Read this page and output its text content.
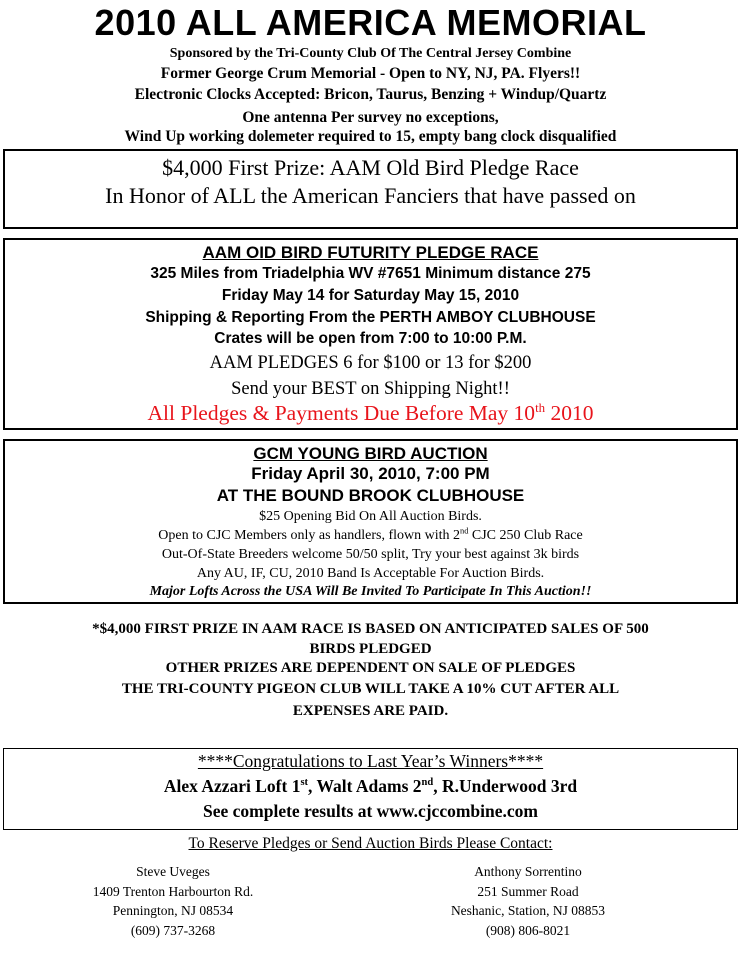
2010 ALL AMERICA MEMORIAL
Sponsored by the Tri-County Club Of The Central Jersey Combine
Former George Crum Memorial - Open to NY, NJ, PA. Flyers!!
Electronic Clocks Accepted: Bricon, Taurus, Benzing + Windup/Quartz
One antenna Per survey no exceptions,
Wind Up working dolemeter required to 15, empty bang clock disqualified
$4,000 First Prize: AAM Old Bird Pledge Race
In Honor of ALL the American Fanciers that have passed on
AAM OID BIRD FUTURITY PLEDGE RACE
325 Miles from Triadelphia WV #7651 Minimum distance 275
Friday May 14 for Saturday May 15, 2010
Shipping & Reporting From the PERTH AMBOY CLUBHOUSE
Crates will be open from 7:00 to 10:00 P.M.
AAM PLEDGES 6 for $100 or 13 for $200
Send your BEST on Shipping Night!!
All Pledges & Payments Due Before May 10th 2010
GCM YOUNG BIRD AUCTION
Friday April 30, 2010, 7:00 PM
AT THE BOUND BROOK CLUBHOUSE
$25 Opening Bid On All Auction Birds.
Open to CJC Members only as handlers, flown with 2nd CJC 250 Club Race
Out-Of-State Breeders welcome 50/50 split, Try your best against 3k birds
Any AU, IF, CU, 2010 Band Is Acceptable For Auction Birds.
Major Lofts Across the USA Will Be Invited To Participate In This Auction!!
*$4,000 FIRST PRIZE IN AAM RACE IS BASED ON ANTICIPATED SALES OF 500
BIRDS PLEDGED
OTHER PRIZES ARE DEPENDENT ON SALE OF PLEDGES
THE TRI-COUNTY PIGEON CLUB WILL TAKE A 10% CUT AFTER ALL
EXPENSES ARE PAID.
****Congratulations to Last Year’s Winners****
Alex Azzari Loft 1st, Walt Adams 2nd, R.Underwood 3rd
See complete results at www.cjccombine.com
To Reserve Pledges or Send Auction Birds Please Contact:
Steve Uveges
1409 Trenton Harbourton Rd.
Pennington, NJ 08534
(609) 737-3268
Anthony Sorrentino
251 Summer Road
Neshanic, Station, NJ 08853
(908) 806-8021
